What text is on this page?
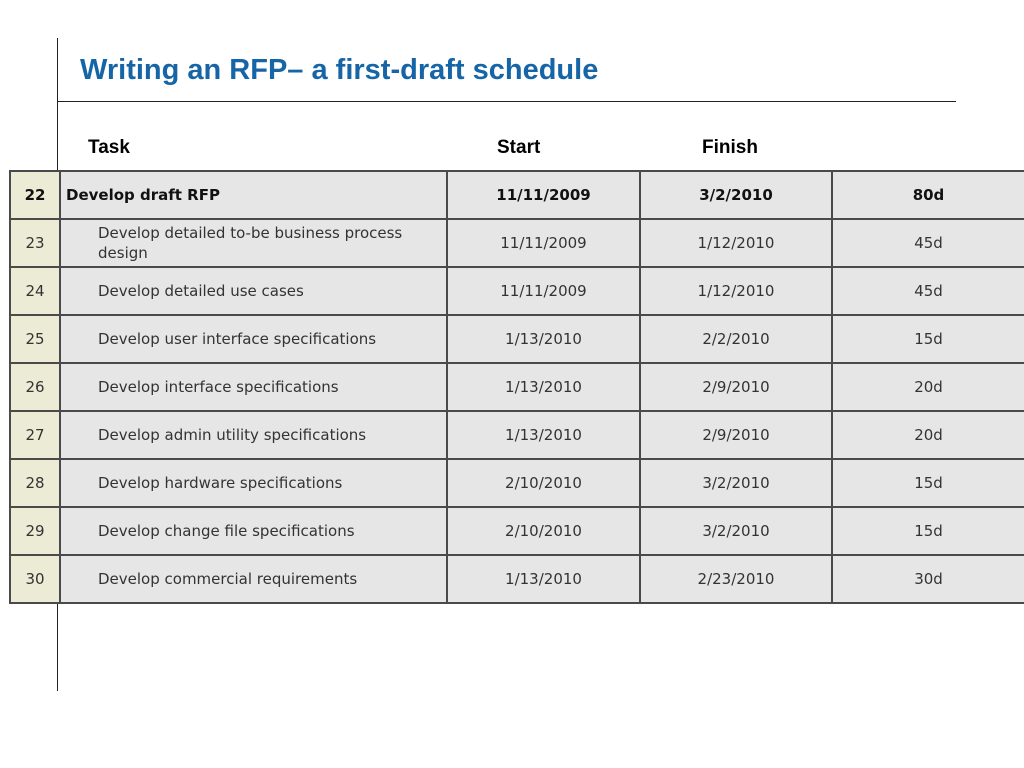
Writing an RFP– a first-draft schedule
Task	Start	Finish
22	Develop draft RFP	11/11/2009	3/2/2010	80d
23	Develop detailed to-be business process design	11/11/2009	1/12/2010	45d
24	Develop detailed use cases	11/11/2009	1/12/2010	45d
25	Develop user interface specifications	1/13/2010	2/2/2010	15d
26	Develop interface specifications	1/13/2010	2/9/2010	20d
27	Develop admin utility specifications	1/13/2010	2/9/2010	20d
28	Develop hardware specifications	2/10/2010	3/2/2010	15d
29	Develop change file specifications	2/10/2010	3/2/2010	15d
30	Develop commercial requirements	1/13/2010	2/23/2010	30d
